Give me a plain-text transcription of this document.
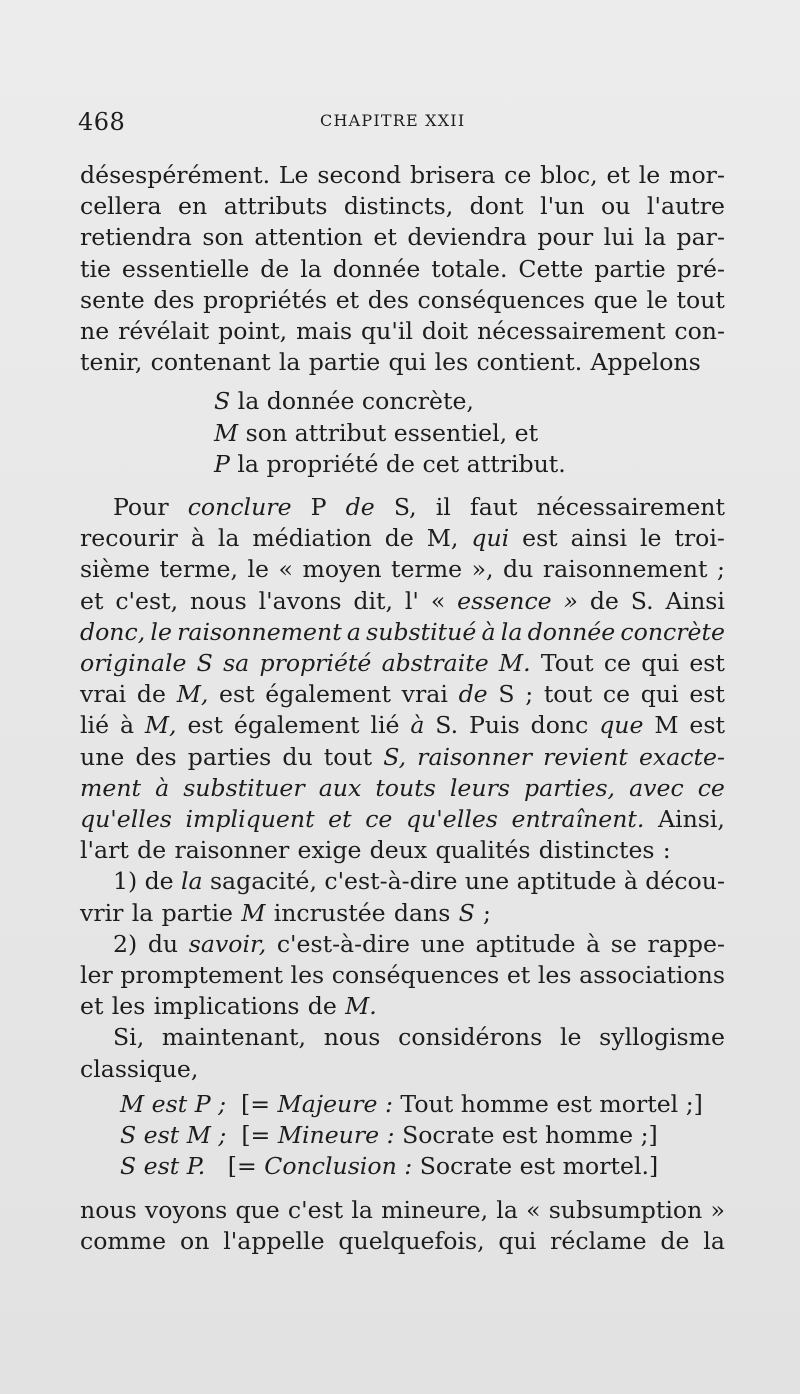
468	CHAPITRE XXII
désespérément. Le second brisera ce bloc, et le mor-
cellera en attributs distincts, dont l'un ou l'autre
retiendra son attention et deviendra pour lui la par-
tie essentielle de la donnée totale. Cette partie pré-
sente des propriétés et des conséquences que le tout
ne révélait point, mais qu'il doit nécessairement con-
tenir, contenant la partie qui les contient. Appelons
S la donnée concrète,
M son attribut essentiel, et
P la propriété de cet attribut.
Pour conclure P de S, il faut nécessairement
recourir à la médiation de M, qui est ainsi le troi-
sième terme, le « moyen terme », du raisonnement ;
et c'est, nous l'avons dit, l' « essence » de S. Ainsi
donc, le raisonnement a substitué à la donnée concrète
originale S sa propriété abstraite M. Tout ce qui est
vrai de M, est également vrai de S ; tout ce qui est
lié à M, est également lié à S. Puis donc que M est
une des parties du tout S, raisonner revient exacte-
ment à substituer aux touts leurs parties, avec ce
qu'elles impliquent et ce qu'elles entraînent. Ainsi,
l'art de raisonner exige deux qualités distinctes :
1) de la sagacité, c'est-à-dire une aptitude à décou-
vrir la partie M incrustée dans S ;
2) du savoir, c'est-à-dire une aptitude à se rappe-
ler promptement les conséquences et les associations
et les implications de M.
Si, maintenant, nous considérons le syllogisme
classique,
M est P ; [= Majeure :
Tout homme est mortel ; ]
S est M ; [= Mineure :
Socrate est homme ; ]
S est P. [= Conclusion :
Socrate est mortel. ]
nous voyons que c'est la mineure, la « subsumption »
comme on l'appelle quelquefois, qui réclame de la
